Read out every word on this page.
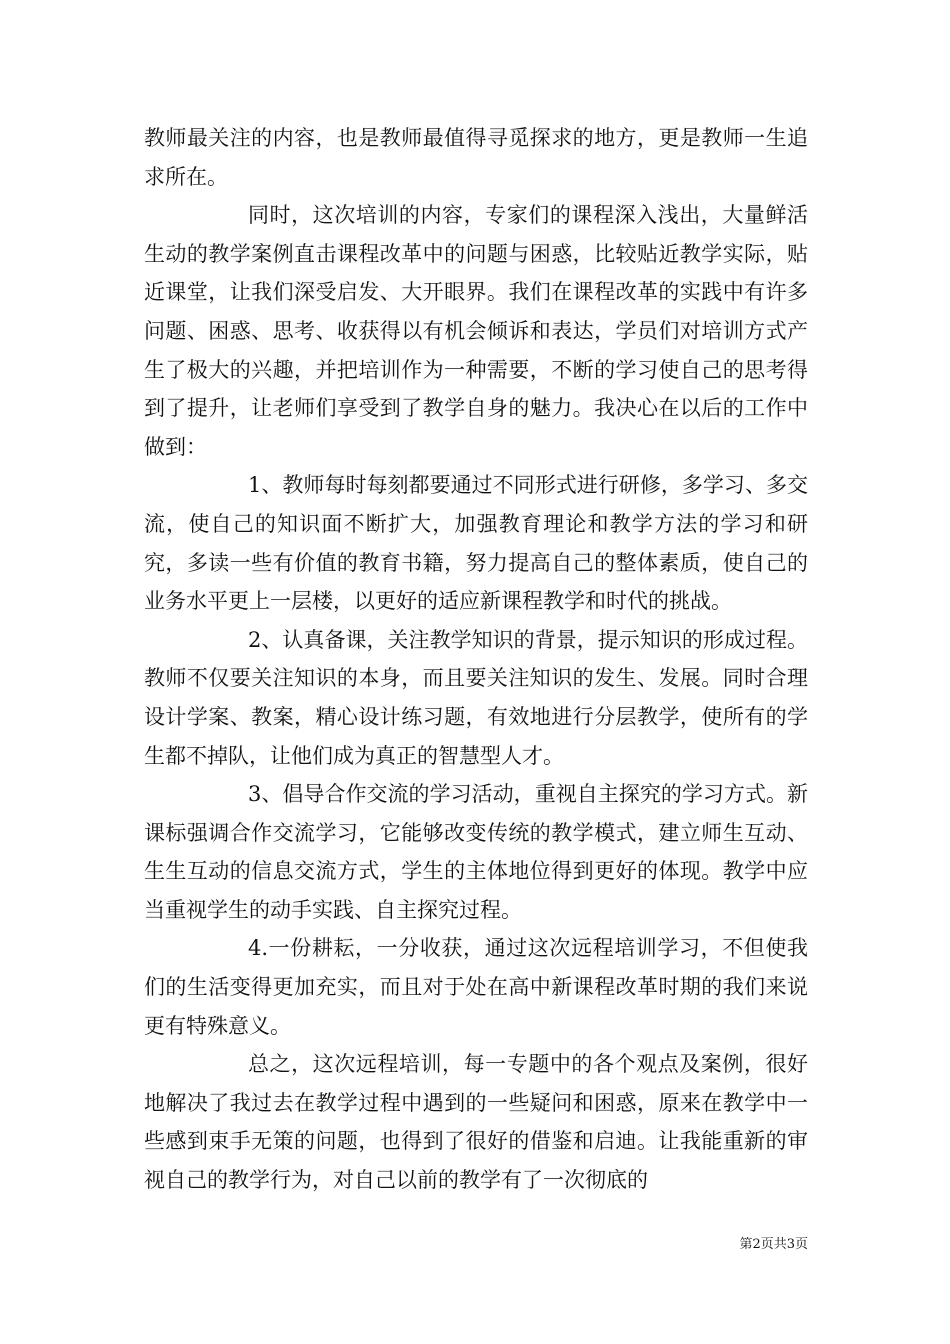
教师最关注的内容，也是教师最值得寻觅探求的地方，更是教师一生追求所在。

同时，这次培训的内容，专家们的课程深入浅出，大量鲜活生动的教学案例直击课程改革中的问题与困惑，比较贴近教学实际，贴近课堂，让我们深受启发、大开眼界。我们在课程改革的实践中有许多问题、困惑、思考、收获得以有机会倾诉和表达，学员们对培训方式产生了极大的兴趣，并把培训作为一种需要，不断的学习使自己的思考得到了提升，让老师们享受到了教学自身的魅力。我决心在以后的工作中做到：

1、教师每时每刻都要通过不同形式进行研修，多学习、多交流，使自己的知识面不断扩大，加强教育理论和教学方法的学习和研究，多读一些有价值的教育书籍，努力提高自己的整体素质，使自己的业务水平更上一层楼，以更好的适应新课程教学和时代的挑战。

2、认真备课，关注教学知识的背景，提示知识的形成过程。教师不仅要关注知识的本身，而且要关注知识的发生、发展。同时合理设计学案、教案，精心设计练习题，有效地进行分层教学，使所有的学生都不掉队，让他们成为真正的智慧型人才。

3、倡导合作交流的学习活动，重视自主探究的学习方式。新课标强调合作交流学习，它能够改变传统的教学模式，建立师生互动、生生互动的信息交流方式，学生的主体地位得到更好的体现。教学中应当重视学生的动手实践、自主探究过程。

4.一份耕耘，一分收获，通过这次远程培训学习，不但使我们的生活变得更加充实，而且对于处在高中新课程改革时期的我们来说更有特殊意义。

总之，这次远程培训，每一专题中的各个观点及案例，很好地解决了我过去在教学过程中遇到的一些疑问和困惑，原来在教学中一些感到束手无策的问题，也得到了很好的借鉴和启迪。让我能重新的审视自己的教学行为，对自己以前的教学有了一次彻底的

第2页共3页
